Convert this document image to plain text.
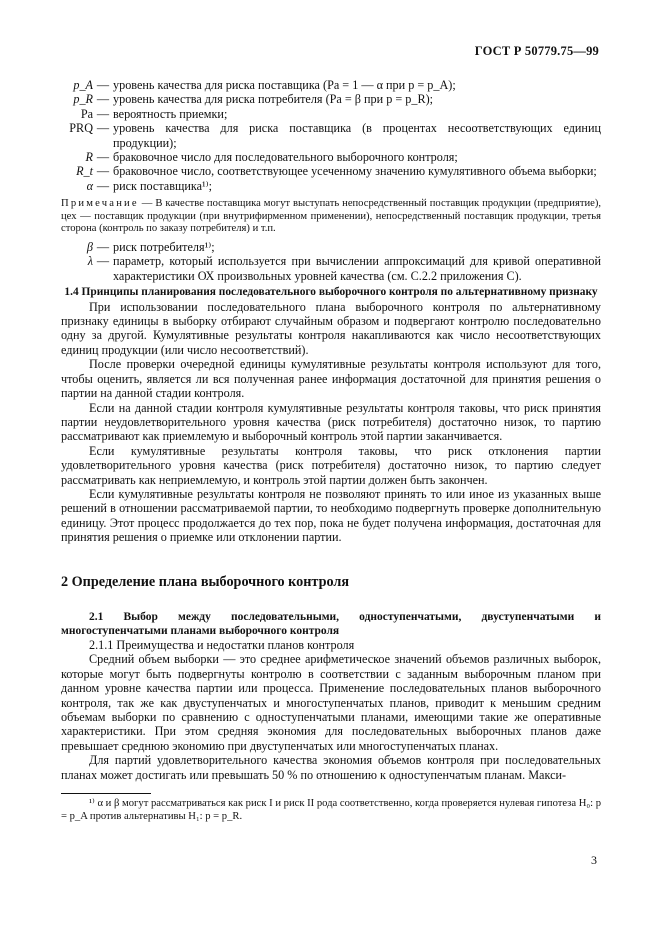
ГОСТ Р 50779.75—99
p_A — уровень качества для риска поставщика (Pa = 1 — α при p = p_A);
p_R — уровень качества для риска потребителя (Pa = β при p = p_R);
Pa — вероятность приемки;
PRQ — уровень качества для риска поставщика (в процентах несоответствующих единиц продукции);
R — браковочное число для последовательного выборочного контроля;
R_t — браковочное число, соответствующее усеченному значению кумулятивного объема выборки;
α — риск поставщика¹⁾;
Примечание — В качестве поставщика могут выступать непосредственный поставщик продукции (предприятие), цех — поставщик продукции (при внутрифирменном применении), непосредственный поставщик продукции, третья сторона (контроль по заказу потребителя) и т.п.
β — риск потребителя¹⁾;
λ — параметр, который используется при вычислении аппроксимаций для кривой оперативной характеристики ОХ произвольных уровней качества (см. С.2.2 приложения С).
1.4 Принципы планирования последовательного выборочного контроля по альтернативному признаку

При использовании последовательного плана выборочного контроля по альтернативному признаку единицы в выборку отбирают случайным образом и подвергают контролю последовательно одну за другой. Кумулятивные результаты контроля накапливаются как число несоответствующих единиц продукции (или число несоответствий).

После проверки очередной единицы кумулятивные результаты контроля используют для того, чтобы оценить, является ли вся полученная ранее информация достаточной для принятия решения о партии на данной стадии контроля.

Если на данной стадии контроля кумулятивные результаты контроля таковы, что риск принятия партии неудовлетворительного уровня качества (риск потребителя) достаточно низок, то партию рассматривают как приемлемую и выборочный контроль этой партии заканчивается.

Если кумулятивные результаты контроля таковы, что риск отклонения партии удовлетворительного уровня качества (риск потребителя) достаточно низок, то партию следует рассматривать как неприемлемую, и контроль этой партии должен быть закончен.

Если кумулятивные результаты контроля не позволяют принять то или иное из указанных выше решений в отношении рассматриваемой партии, то необходимо подвергнуть проверке дополнительную единицу. Этот процесс продолжается до тех пор, пока не будет получена информация, достаточная для принятия решения о приемке или отклонении партии.

2 Определение плана выборочного контроля
2.1 Выбор между последовательными, одноступенчатыми, двуступенчатыми и многоступенчатыми планами выборочного контроля

2.1.1 Преимущества и недостатки планов контроля

Средний объем выборки — это среднее арифметическое значений объемов различных выборок, которые могут быть подвергнуты контролю в соответствии с заданным выборочным планом при данном уровне качества партии или процесса. Применение последовательных планов выборочного контроля, так же как двуступенчатых и многоступенчатых планов, приводит к меньшим средним объемам выборки по сравнению с одноступенчатыми планами, имеющими такие же оперативные характеристики. При этом средняя экономия для последовательных выборочных планов даже превышает среднюю экономию при двуступенчатых или многоступенчатых планах.

Для партий удовлетворительного качества экономия объемов контроля при последовательных планах может достигать или превышать 50 % по отношению к одноступенчатым планам. Макси-

¹⁾ α и β могут рассматриваться как риск I и риск II рода соответственно, когда проверяется нулевая гипотеза H₀: p = p_A против альтернативы H₁: p = p_R.
3
